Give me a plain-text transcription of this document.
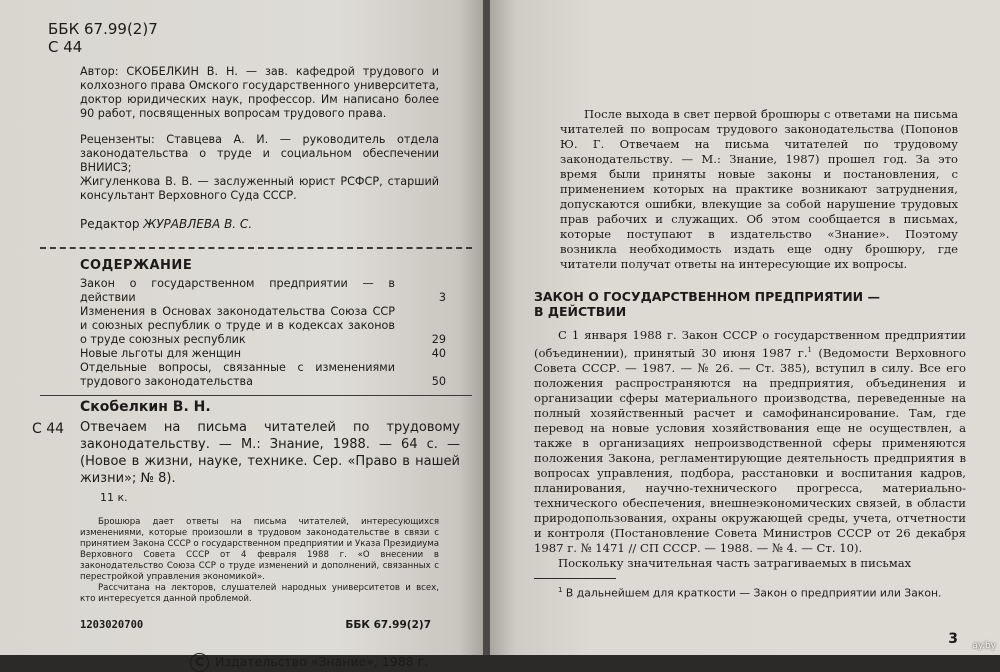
ББК 67.99(2)7
С 44
Автор: СКОБЕЛКИН В. Н. — зав. кафедрой трудового и колхозного права Омского государственного университета, доктор юридических наук, профессор. Им написано более 90 работ, посвященных вопросам трудового права.
Рецензенты: Ставцева А. И. — руководитель отдела законодательства о труде и социальном обеспечении ВНИИСЗ;
Жигуленкова В. В. — заслуженный юрист РСФСР, старший консультант Верховного Суда СССР.
Редактор ЖУРАВЛЕВА В. С.
СОДЕРЖАНИЕ
Закон о государственном предприятии — в действии	3
Изменения в Основах законодательства Союза ССР и союзных республик о труде и в кодексах законов о труде союзных республик	29
Новые льготы для женщин	40
Отдельные вопросы, связанные с изменениями трудового законодательства	50
Скобелкин В. Н.
С 44	Отвечаем на письма читателей по трудовому законодательству. — М.: Знание, 1988. — 64 с. — (Новое в жизни, науке, технике. Сер. «Право в нашей жизни»; № 8).
11 к.
Брошюра дает ответы на письма читателей, интересующихся изменениями, которые произошли в трудовом законодательстве в связи с принятием Закона СССР о государственном предприятии и Указа Президиума Верховного Совета СССР от 4 февраля 1988 г. «О внесении в законодательство Союза ССР о труде изменений и дополнений, связанных с перестройкой управления экономикой».
Рассчитана на лекторов, слушателей народных университетов и всех, кто интересуется данной проблемой.
1203020700	ББК 67.99(2)7
C Издательство «Знание», 1988 г.
После выхода в свет первой брошюры с ответами на письма читателей по вопросам трудового законодательства (Попонов Ю. Г. Отвечаем на письма читателей по трудовому законодательству. — М.: Знание, 1987) прошел год. За это время были приняты новые законы и постановления, с применением которых на практике возникают затруднения, допускаются ошибки, влекущие за собой нарушение трудовых прав рабочих и служащих. Об этом сообщается в письмах, которые поступают в издательство «Знание». Поэтому возникла необходимость издать еще одну брошюру, где читатели получат ответы на интересующие их вопросы.
ЗАКОН О ГОСУДАРСТВЕННОМ ПРЕДПРИЯТИИ —
В ДЕЙСТВИИ
С 1 января 1988 г. Закон СССР о государственном предприятии (объединении), принятый 30 июня 1987 г.$^1$ (Ведомости Верховного Совета СССР. — 1987. — № 26. — Ст. 385), вступил в силу. Все его положения распространяются на предприятия, объединения и организации сферы материального производства, переведенные на полный хозяйственный расчет и самофинансирование. Там, где перевод на новые условия хозяйствования еще не осуществлен, а также в организациях непроизводственной сферы применяются положения Закона, регламентирующие деятельность предприятия в вопросах управления, подбора, расстановки и воспитания кадров, планирования, научно-технического прогресса, материально-технического обеспечения, внешнеэкономических связей, в области природопользования, охраны окружающей среды, учета, отчетности и контроля (Постановление Совета Министров СССР от 26 декабря 1987 г. № 1471 // СП СССР. — 1988. — № 4. — Ст. 10).
Поскольку значительная часть затрагиваемых в письмах
$^1$ В дальнейшем для краткости — Закон о предприятии или Закон.
3 ay.by
